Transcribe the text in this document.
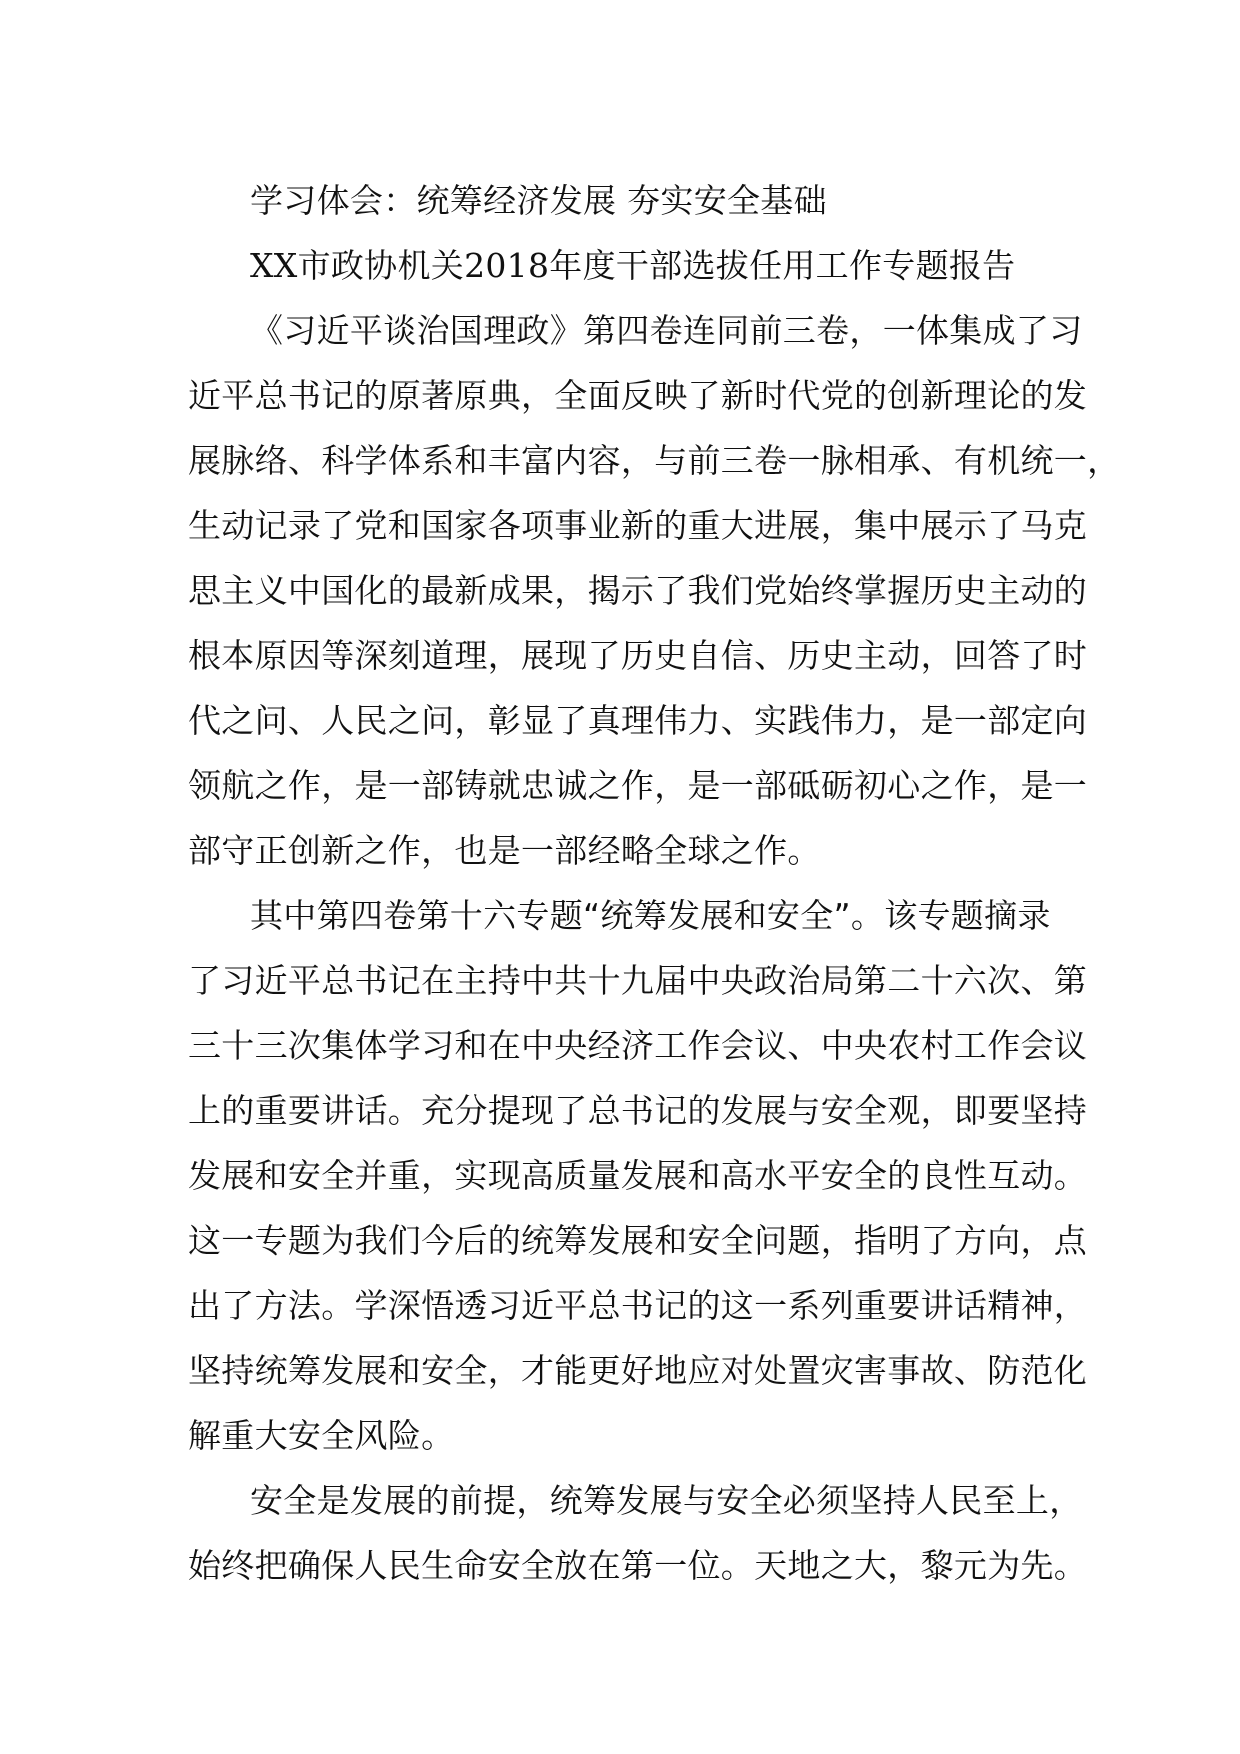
学习体会：统筹经济发展 夯实安全基础
XX市政协机关2018年度干部选拔任用工作专题报告
《习近平谈治国理政》第四卷连同前三卷，一体集成了习
近平总书记的原著原典，全面反映了新时代党的创新理论的发
展脉络、科学体系和丰富内容，与前三卷一脉相承、有机统一，
生动记录了党和国家各项事业新的重大进展，集中展示了马克
思主义中国化的最新成果，揭示了我们党始终掌握历史主动的
根本原因等深刻道理，展现了历史自信、历史主动，回答了时
代之问、人民之问，彰显了真理伟力、实践伟力，是一部定向
领航之作，是一部铸就忠诚之作，是一部砥砺初心之作，是一
部守正创新之作，也是一部经略全球之作。
其中第四卷第十六专题“统筹发展和安全”。该专题摘录
了习近平总书记在主持中共十九届中央政治局第二十六次、第
三十三次集体学习和在中央经济工作会议、中央农村工作会议
上的重要讲话。充分提现了总书记的发展与安全观，即要坚持
发展和安全并重，实现高质量发展和高水平安全的良性互动。
这一专题为我们今后的统筹发展和安全问题，指明了方向，点
出了方法。学深悟透习近平总书记的这一系列重要讲话精神，
坚持统筹发展和安全，才能更好地应对处置灾害事故、防范化
解重大安全风险。
安全是发展的前提，统筹发展与安全必须坚持人民至上，
始终把确保人民生命安全放在第一位。天地之大，黎元为先。
